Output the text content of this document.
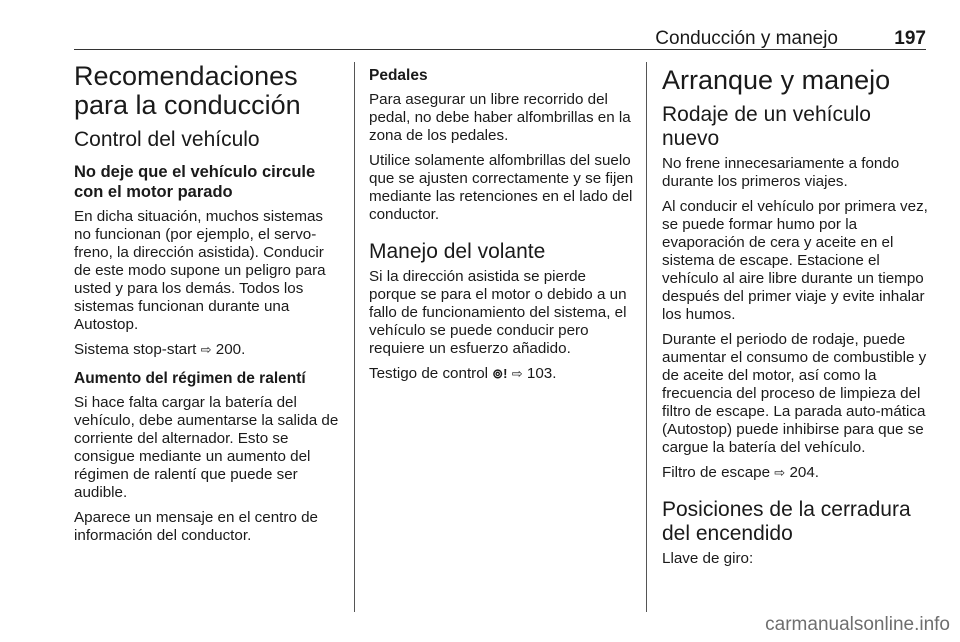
Conducción y manejo	197
Recomendaciones para la conducción
Control del vehículo
No deje que el vehículo circule con el motor parado

En dicha situación, muchos sistemas no funcionan (por ejemplo, el servo-freno, la dirección asistida). Conducir de este modo supone un peligro para usted y para los demás. Todos los sistemas funcionan durante una Autostop.

Sistema stop-start ⇨ 200.

Aumento del régimen de ralentí

Si hace falta cargar la batería del vehículo, debe aumentarse la salida de corriente del alternador. Esto se consigue mediante un aumento del régimen de ralentí que puede ser audible.

Aparece un mensaje en el centro de información del conductor.

Pedales

Para asegurar un libre recorrido del pedal, no debe haber alfombrillas en la zona de los pedales.

Utilice solamente alfombrillas del suelo que se ajusten correctamente y se fijen mediante las retenciones en el lado del conductor.

Manejo del volante

Si la dirección asistida se pierde porque se para el motor o debido a un fallo de funcionamiento del sistema, el vehículo se puede conducir pero requiere un esfuerzo añadido.

Testigo de control ⊚! ⇨ 103.

Arranque y manejo
Rodaje de un vehículo nuevo

No frene innecesariamente a fondo durante los primeros viajes.

Al conducir el vehículo por primera vez, se puede formar humo por la evaporación de cera y aceite en el sistema de escape. Estacione el vehículo al aire libre durante un tiempo después del primer viaje y evite inhalar los humos.

Durante el periodo de rodaje, puede aumentar el consumo de combustible y de aceite del motor, así como la frecuencia del proceso de limpieza del filtro de escape. La parada auto-mática (Autostop) puede inhibirse para que se cargue la batería del vehículo.

Filtro de escape ⇨ 204.

Posiciones de la cerradura del encendido

Llave de giro:

carmanualsonline.info
